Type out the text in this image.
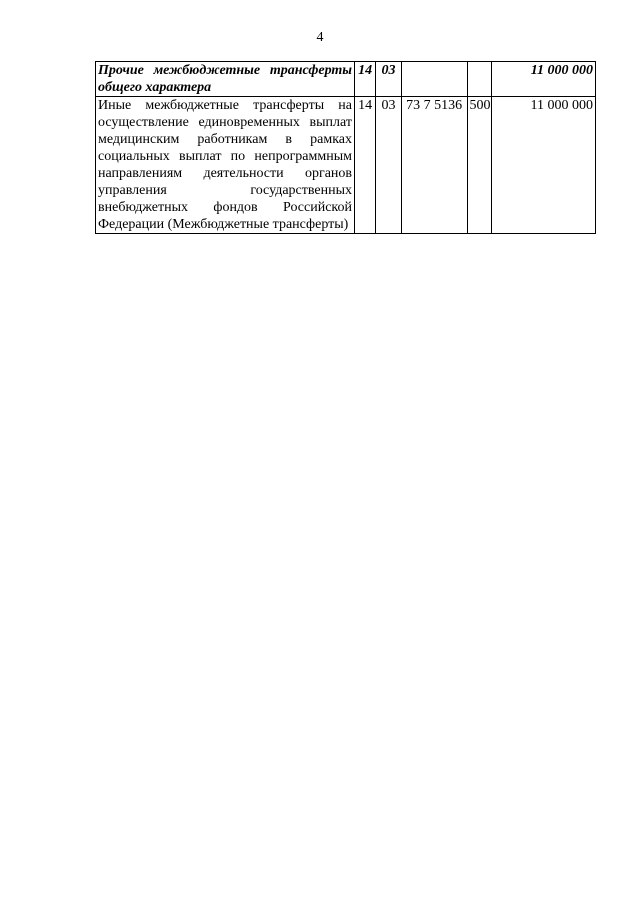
4
Прочие межбюджетные трансферты общего характера	14	03			11 000 000
Иные межбюджетные трансферты на осуществление единовременных выплат медицинским работникам в рамках социальных выплат по непрограммным направлениям деятельности органов управления государственных внебюджетных фондов Российской Федерации (Межбюджетные трансферты)	14	03	73 7 5136	500	11 000 000
